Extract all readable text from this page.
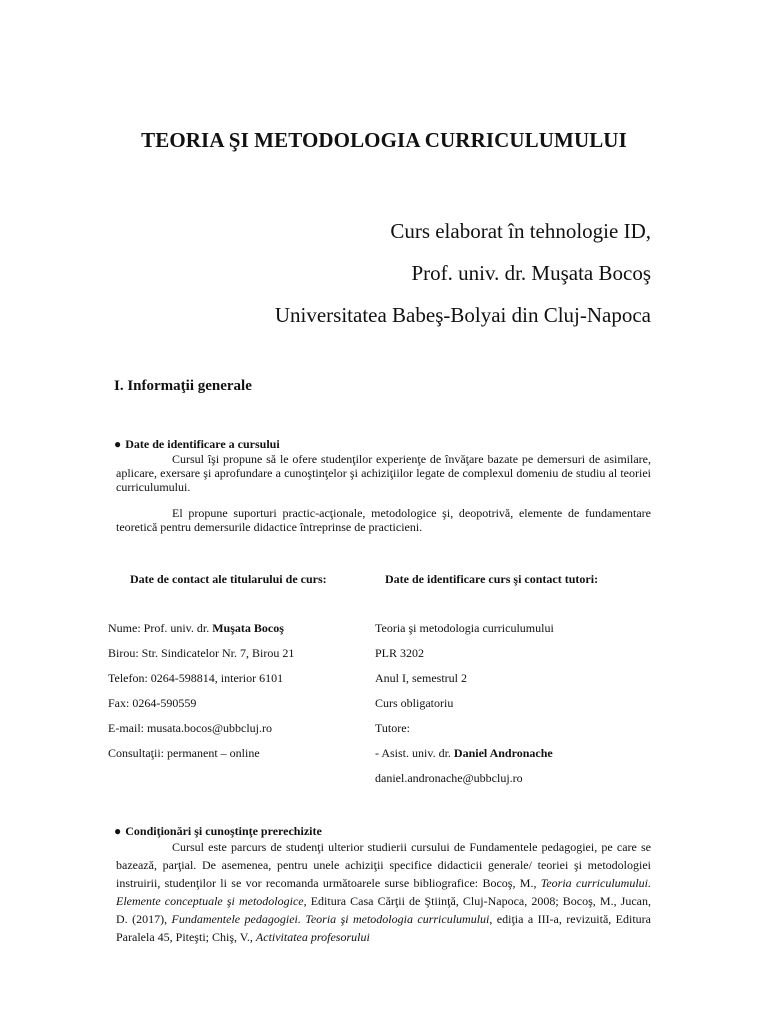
TEORIA ŞI METODOLOGIA CURRICULUMULUI
Curs elaborat în tehnologie ID,
Prof. univ. dr. Muşata Bocoş
Universitatea Babeş-Bolyai din Cluj-Napoca
I. Informaţii generale
● Date de identificare a cursului
Cursul îşi propune să le ofere studenţilor experienţe de învăţare bazate pe demersuri de asimilare, aplicare, exersare şi aprofundare a cunoştinţelor şi achiziţiilor legate de complexul domeniu de studiu al teoriei curriculumului.
El propune suporturi practic-acţionale, metodologice şi, deopotrivă, elemente de fundamentare teoretică pentru demersurile didactice întreprinse de practicieni.
Date de contact ale titularului de curs:	Date de identificare curs şi contact tutori:
Nume: Prof. univ. dr. Muşata Bocoş
Birou: Str. Sindicatelor Nr. 7, Birou 21
Telefon: 0264-598814, interior 6101
Fax: 0264-590559
E-mail: musata.bocos@ubbcluj.ro
Consultaţii: permanent – online
Teoria şi metodologia curriculumului
PLR 3202
Anul I, semestrul 2
Curs obligatoriu
Tutore:
- Asist. univ. dr. Daniel Andronache
daniel.andronache@ubbcluj.ro
● Condiţionări şi cunoştinţe prerechizite
Cursul este parcurs de studenţi ulterior studierii cursului de Fundamentele pedagogiei, pe care se bazează, parţial. De asemenea, pentru unele achiziţii specifice didacticii generale/ teoriei şi metodologiei instruirii, studenţilor li se vor recomanda următoarele surse bibliografice: Bocoş, M., Teoria curriculumului. Elemente conceptuale şi metodologice, Editura Casa Cărţii de Ştiinţă, Cluj-Napoca, 2008; Bocoş, M., Jucan, D. (2017), Fundamentele pedagogiei. Teoria şi metodologia curriculumului, ediţia a III-a, revizuită, Editura Paralela 45, Piteşti; Chiş, V., Activitatea profesorului
